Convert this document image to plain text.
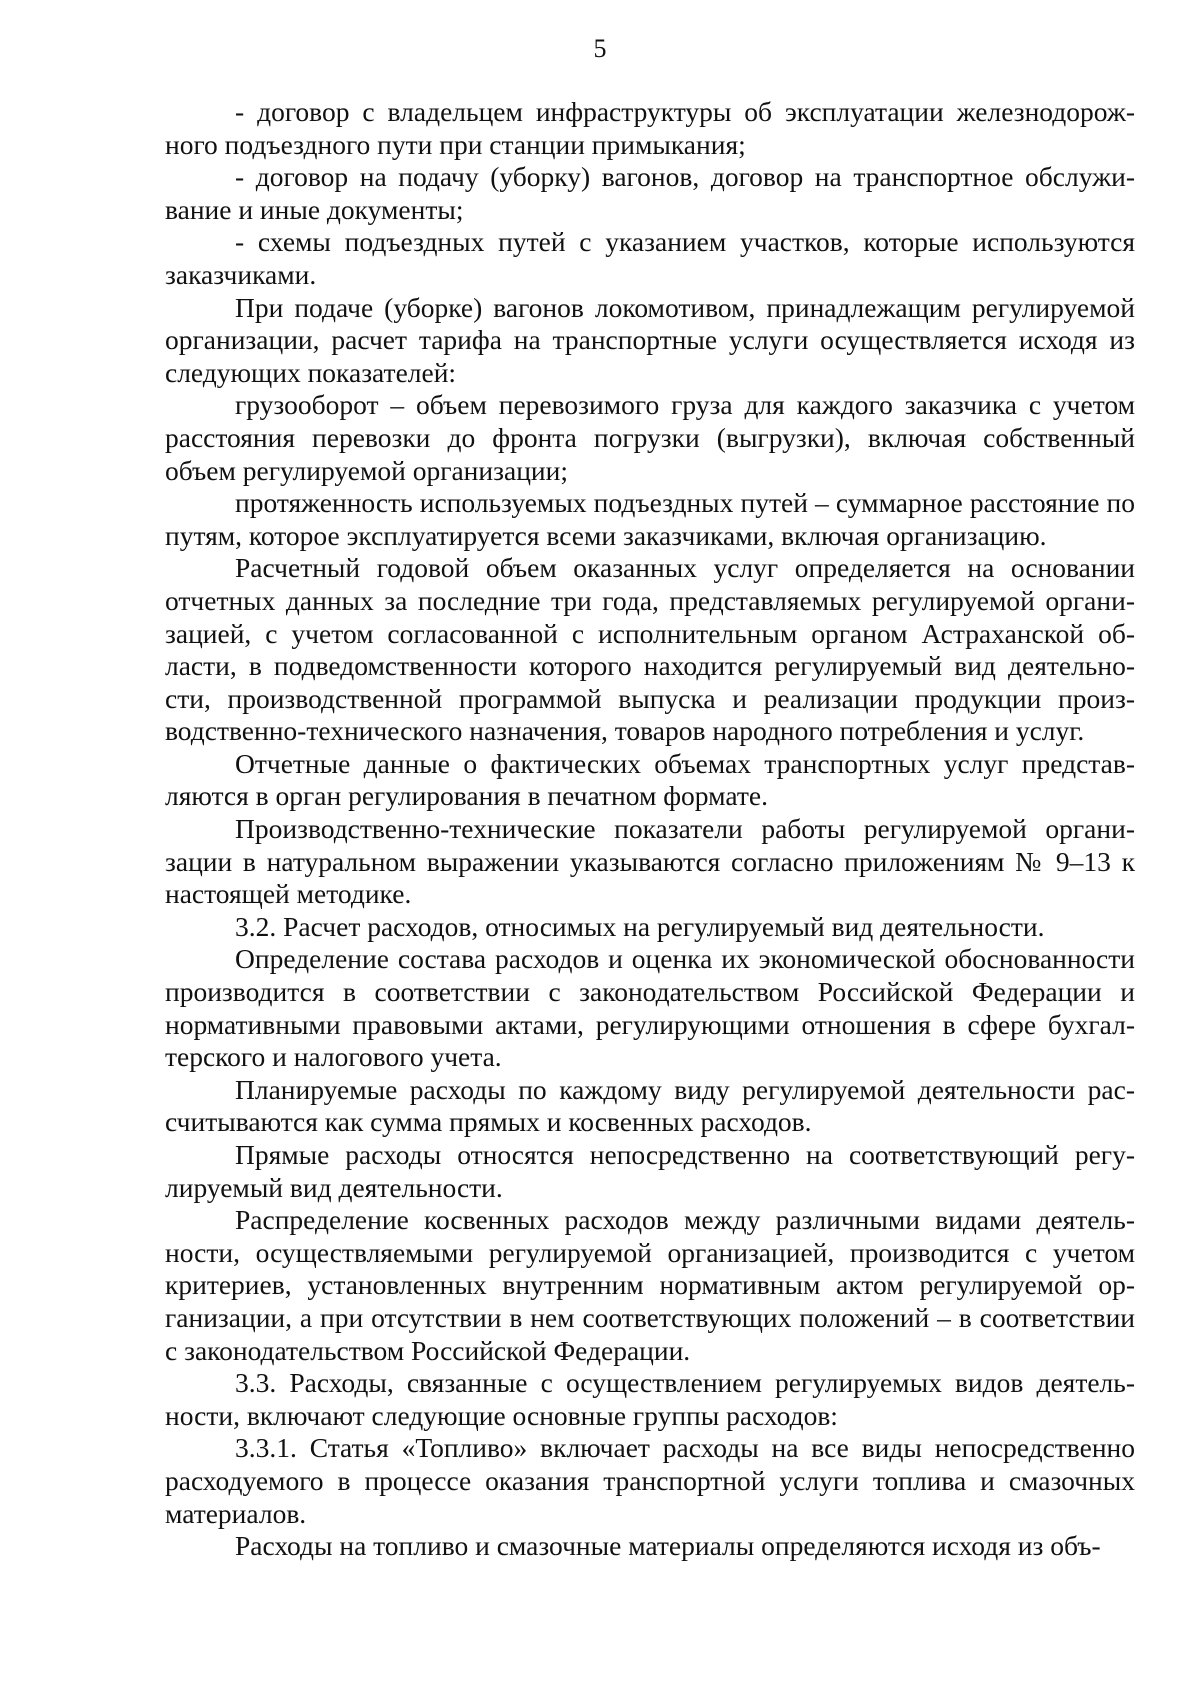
5

- договор с владельцем инфраструктуры об эксплуатации железнодорожного подъездного пути при станции примыкания;

- договор на подачу (уборку) вагонов, договор на транспортное обслуживание и иные документы;

- схемы подъездных путей с указанием участков, которые используются заказчиками.

При подаче (уборке) вагонов локомотивом, принадлежащим регулируемой организации, расчет тарифа на транспортные услуги осуществляется исходя из следующих показателей:

грузооборот – объем перевозимого груза для каждого заказчика с учетом расстояния перевозки до фронта погрузки (выгрузки), включая собственный объем регулируемой организации;

протяженность используемых подъездных путей – суммарное расстояние по путям, которое эксплуатируется всеми заказчиками, включая организацию.

Расчетный годовой объем оказанных услуг определяется на основании отчетных данных за последние три года, представляемых регулируемой организацией, с учетом согласованной с исполнительным органом Астраханской области, в подведомственности которого находится регулируемый вид деятельности, производственной программой выпуска и реализации продукции производственно-технического назначения, товаров народного потребления и услуг.

Отчетные данные о фактических объемах транспортных услуг представляются в орган регулирования в печатном формате.

Производственно-технические показатели работы регулируемой организации в натуральном выражении указываются согласно приложениям № 9–13 к настоящей методике.

3.2. Расчет расходов, относимых на регулируемый вид деятельности.

Определение состава расходов и оценка их экономической обоснованности производится в соответствии с законодательством Российской Федерации и нормативными правовыми актами, регулирующими отношения в сфере бухгалтерского и налогового учета.

Планируемые расходы по каждому виду регулируемой деятельности рассчитываются как сумма прямых и косвенных расходов.

Прямые расходы относятся непосредственно на соответствующий регулируемый вид деятельности.

Распределение косвенных расходов между различными видами деятельности, осуществляемыми регулируемой организацией, производится с учетом критериев, установленных внутренним нормативным актом регулируемой организации, а при отсутствии в нем соответствующих положений – в соответствии с законодательством Российской Федерации.

3.3. Расходы, связанные с осуществлением регулируемых видов деятельности, включают следующие основные группы расходов:

3.3.1. Статья «Топливо» включает расходы на все виды непосредственно расходуемого в процессе оказания транспортной услуги топлива и смазочных материалов.

Расходы на топливо и смазочные материалы определяются исходя из объ-
